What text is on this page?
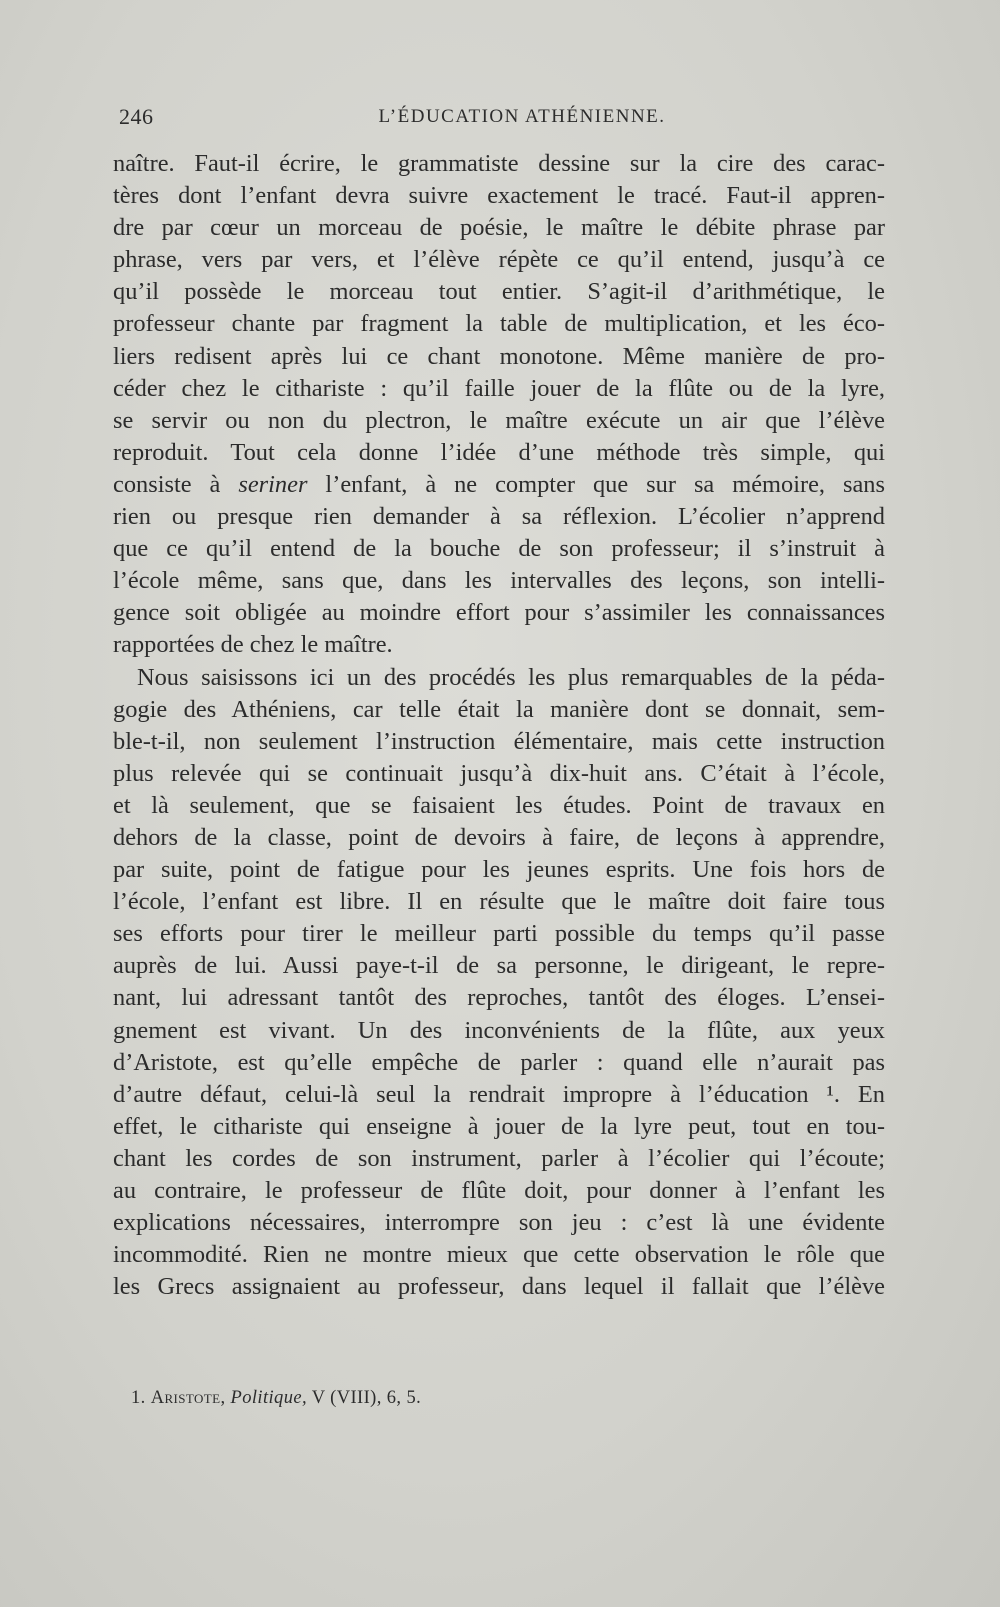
246	L’ÉDUCATION ATHÉNIENNE.
naître. Faut-il écrire, le grammatiste dessine sur la cire des carac-
tères dont l’enfant devra suivre exactement le tracé. Faut-il appren-
dre par cœur un morceau de poésie, le maître le débite phrase par
phrase, vers par vers, et l’élève répète ce qu’il entend, jusqu’à ce
qu’il possède le morceau tout entier. S’agit-il d’arithmétique, le
professeur chante par fragment la table de multiplication, et les éco-
liers redisent après lui ce chant monotone. Même manière de pro-
céder chez le cithariste : qu’il faille jouer de la flûte ou de la lyre,
se servir ou non du plectron, le maître exécute un air que l’élève
reproduit. Tout cela donne l’idée d’une méthode très simple, qui
consiste à seriner l’enfant, à ne compter que sur sa mémoire, sans
rien ou presque rien demander à sa réflexion. L’écolier n’apprend
que ce qu’il entend de la bouche de son professeur; il s’instruit à
l’école même, sans que, dans les intervalles des leçons, son intelli-
gence soit obligée au moindre effort pour s’assimiler les connaissances
rapportées de chez le maître.
Nous saisissons ici un des procédés les plus remarquables de la péda-
gogie des Athéniens, car telle était la manière dont se donnait, sem-
ble-t-il, non seulement l’instruction élémentaire, mais cette instruction
plus relevée qui se continuait jusqu’à dix-huit ans. C’était à l’école,
et là seulement, que se faisaient les études. Point de travaux en
dehors de la classe, point de devoirs à faire, de leçons à apprendre,
par suite, point de fatigue pour les jeunes esprits. Une fois hors de
l’école, l’enfant est libre. Il en résulte que le maître doit faire tous
ses efforts pour tirer le meilleur parti possible du temps qu’il passe
auprès de lui. Aussi paye-t-il de sa personne, le dirigeant, le repre-
nant, lui adressant tantôt des reproches, tantôt des éloges. L’ensei-
gnement est vivant. Un des inconvénients de la flûte, aux yeux
d’Aristote, est qu’elle empêche de parler : quand elle n’aurait pas
d’autre défaut, celui-là seul la rendrait impropre à l’éducation ¹. En
effet, le cithariste qui enseigne à jouer de la lyre peut, tout en tou-
chant les cordes de son instrument, parler à l’écolier qui l’écoute;
au contraire, le professeur de flûte doit, pour donner à l’enfant les
explications nécessaires, interrompre son jeu : c’est là une évidente
incommodité. Rien ne montre mieux que cette observation le rôle que
les Grecs assignaient au professeur, dans lequel il fallait que l’élève
1. Aristote, Politique, V (VIII), 6, 5.
